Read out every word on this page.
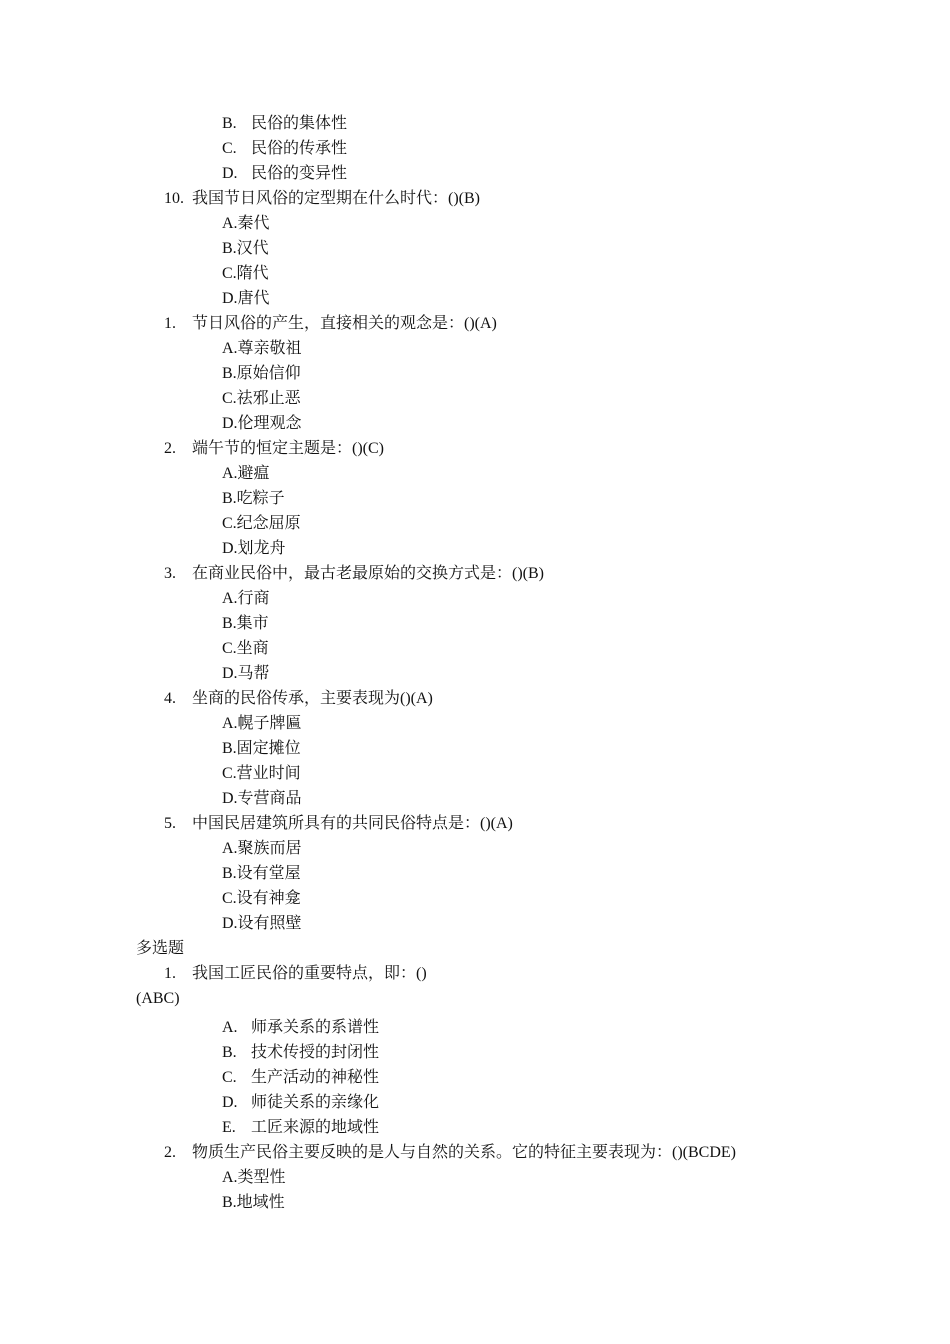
B. 民俗的集体性
C. 民俗的传承性
D. 民俗的变异性
10. 我国节日风俗的定型期在什么时代：()(B)
A.秦代
B.汉代
C.隋代
D.唐代
1. 节日风俗的产生，直接相关的观念是：()(A)
A.尊亲敬祖
B.原始信仰
C.祛邪止恶
D.伦理观念
2. 端午节的恒定主题是：()(C)
A.避瘟
B.吃粽子
C.纪念屈原
D.划龙舟
3. 在商业民俗中，最古老最原始的交换方式是：()(B)
A.行商
B.集市
C.坐商
D.马帮
4. 坐商的民俗传承，主要表现为()(A)
A.幌子牌匾
B.固定摊位
C.营业时间
D.专营商品
5. 中国民居建筑所具有的共同民俗特点是：()(A)
A.聚族而居
B.设有堂屋
C.设有神龛
D.设有照壁
多选题
1. 我国工匠民俗的重要特点，即：()
(ABC)
A. 师承关系的系谱性
B. 技术传授的封闭性
C. 生产活动的神秘性
D. 师徒关系的亲缘化
E. 工匠来源的地域性
2. 物质生产民俗主要反映的是人与自然的关系。它的特征主要表现为：()(BCDE)
A.类型性
B.地域性
